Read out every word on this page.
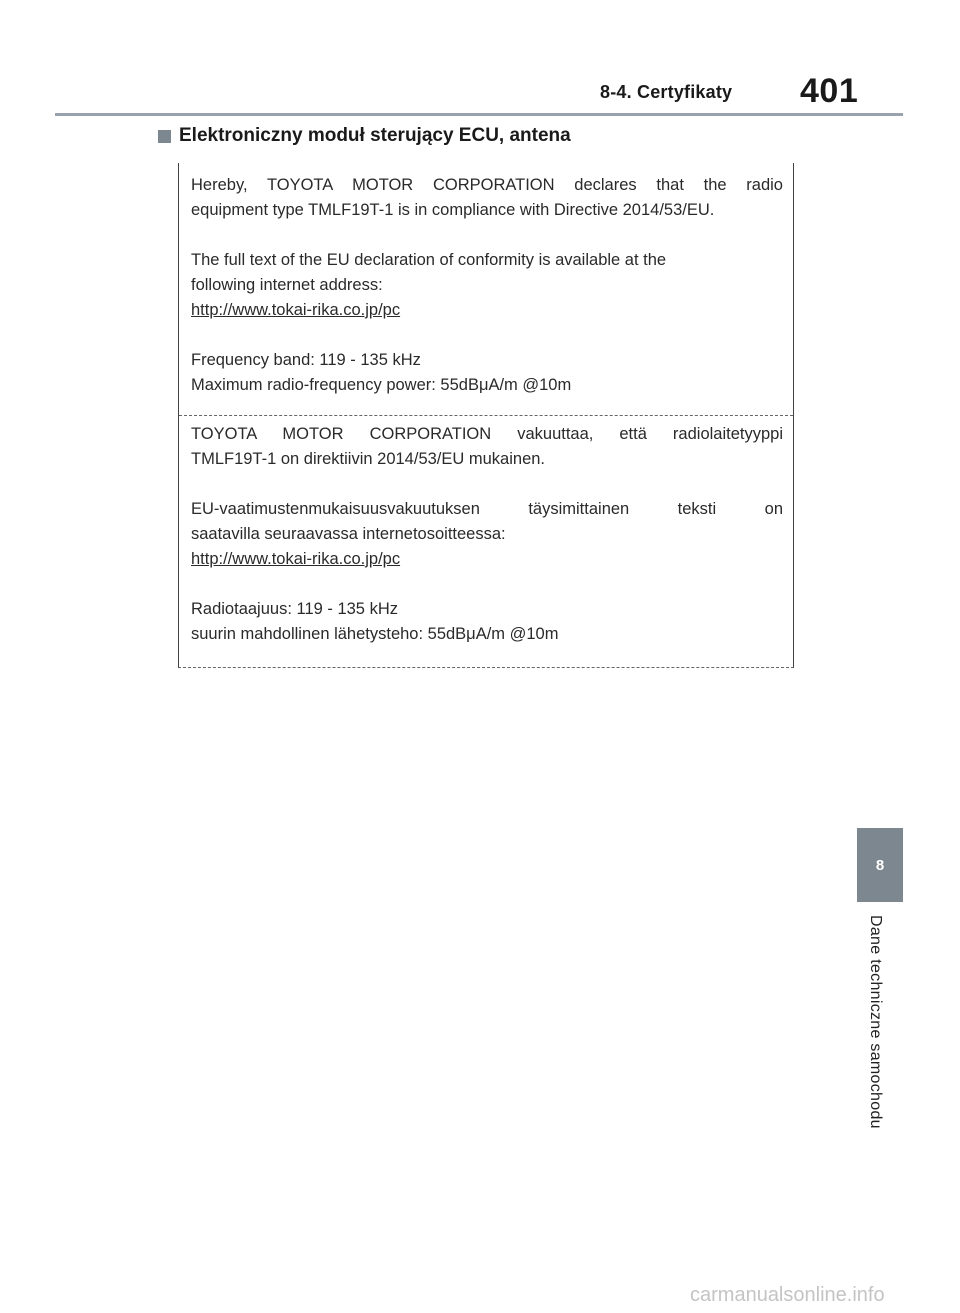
8-4. Certyfikaty 401
Elektroniczny moduł sterujący ECU, antena

Hereby, TOYOTA MOTOR CORPORATION declares that the radio

equipment type TMLF19T-1 is in compliance with Directive 2014/53/EU.

The full text of the EU declaration of conformity is available at the

following internet address:

http://www.tokai-rika.co.jp/pc

Frequency band: 119 - 135 kHz

Maximum radio-frequency power: 55dBμA/m @10m

TOYOTA MOTOR CORPORATION vakuuttaa, että radiolaitetyyppi

TMLF19T-1 on direktiivin 2014/53/EU mukainen.

EU-vaatimustenmukaisuusvakuutuksen täysimittainen teksti on

saatavilla seuraavassa internetosoitteessa:

http://www.tokai-rika.co.jp/pc

Radiotaajuus: 119 - 135 kHz

suurin mahdollinen lähetysteho: 55dBμA/m @10m

8
Dane techniczne samochodu
carmanualsonline.info
